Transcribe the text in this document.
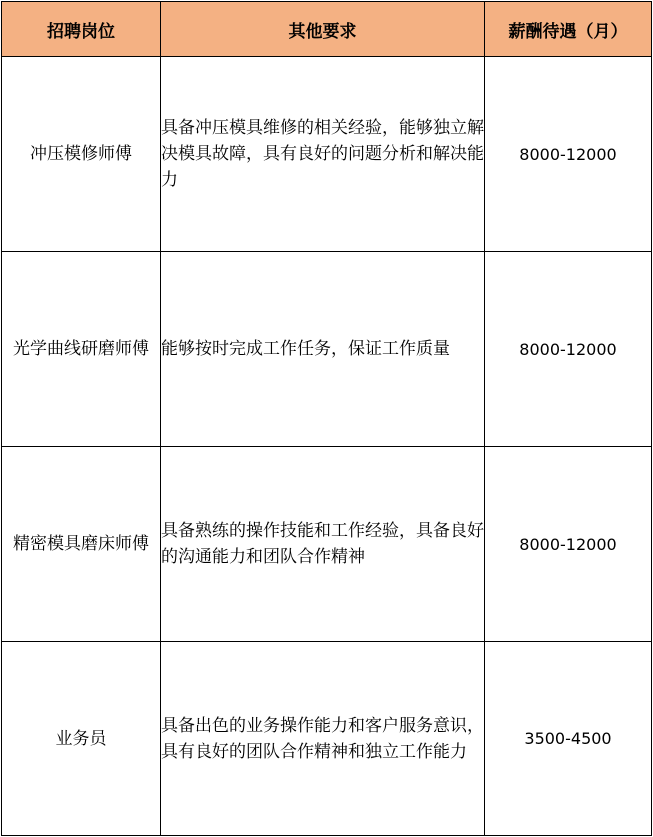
招聘岗位	其他要求	薪酬待遇（月）
冲压模修师傅	具备冲压模具维修的相关经验，能够独立解决模具故障，具有良好的问题分析和解决能力	8000-12000
光学曲线研磨师傅	能够按时完成工作任务，保证工作质量	8000-12000
精密模具磨床师傅	具备熟练的操作技能和工作经验，具备良好的沟通能力和团队合作精神	8000-12000
业务员	具备出色的业务操作能力和客户服务意识，具有良好的团队合作精神和独立工作能力	3500-4500
